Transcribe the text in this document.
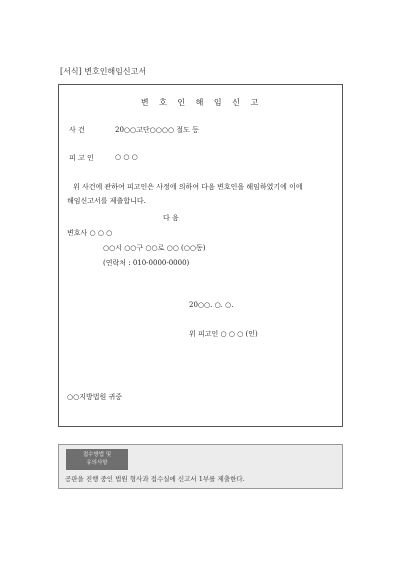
[서식] 변호인해임신고서
변 호 인 해 임 신 고
사 건	20○○고단○○○○ 절도 등
피 고 인	○ ○ ○
위 사건에 관하여 피고인은 사정에 의하여 다음 변호인을 해임하였기에 이에
해임신고서를 제출합니다.
다 음
변호사 ○ ○ ○
○○시 ○○구 ○○로 ○○ (○○동)
(연락처 : 010-0000-0000)
20○○. ○. ○.
위 피고인 ○ ○ ○ (인)
○○지방법원 귀중
접수방법 및
유의사항
공판을 진행 중인 법원 형사과 접수실에 신고서 1부를 제출한다.
